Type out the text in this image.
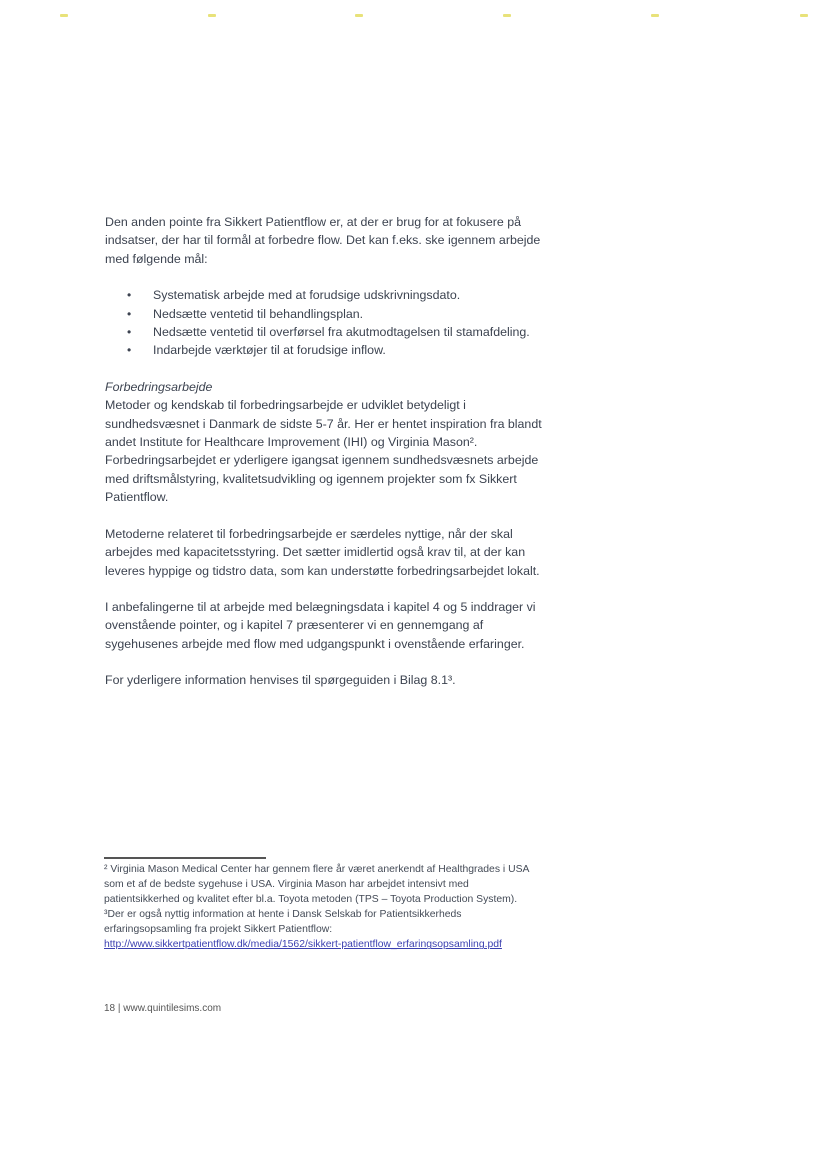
Den anden pointe fra Sikkert Patientflow er, at der er brug for at fokusere på indsatser, der har til formål at forbedre flow. Det kan f.eks. ske igennem arbejde med følgende mål:

• Systematisk arbejde med at forudsige udskrivningsdato.
• Nedsætte ventetid til behandlingsplan.
• Nedsætte ventetid til overførsel fra akutmodtagelsen til stamafdeling.
• Indarbejde værktøjer til at forudsige inflow.

Forbedringsarbejde

Metoder og kendskab til forbedringsarbejde er udviklet betydeligt i sundhedsvæsnet i Danmark de sidste 5-7 år. Her er hentet inspiration fra blandt andet Institute for Healthcare Improvement (IHI) og Virginia Mason². Forbedringsarbejdet er yderligere igangsat igennem sundhedsvæsnets arbejde med driftsmålstyring, kvalitetsudvikling og igennem projekter som fx Sikkert Patientflow.

Metoderne relateret til forbedringsarbejde er særdeles nyttige, når der skal arbejdes med kapacitetsstyring. Det sætter imidlertid også krav til, at der kan leveres hyppige og tidstro data, som kan understøtte forbedringsarbejdet lokalt.

I anbefalingerne til at arbejde med belægningsdata i kapitel 4 og 5 inddrager vi ovenstående pointer, og i kapitel 7 præsenterer vi en gennemgang af sygehusenes arbejde med flow med udgangspunkt i ovenstående erfaringer.

For yderligere information henvises til spørgeguiden i Bilag 8.1³.

² Virginia Mason Medical Center har gennem flere år været anerkendt af Healthgrades i USA som et af de bedste sygehuse i USA. Virginia Mason har arbejdet intensivt med patientsikkerhed og kvalitet efter bl.a. Toyota metoden (TPS – Toyota Production System).

³Der er også nyttig information at hente i Dansk Selskab for Patientsikkerheds erfaringsopsamling fra projekt Sikkert Patientflow:

http://www.sikkertpatientflow.dk/media/1562/sikkert-patientflow_erfaringsopsamling.pdf

18 | www.quintilesims.com
